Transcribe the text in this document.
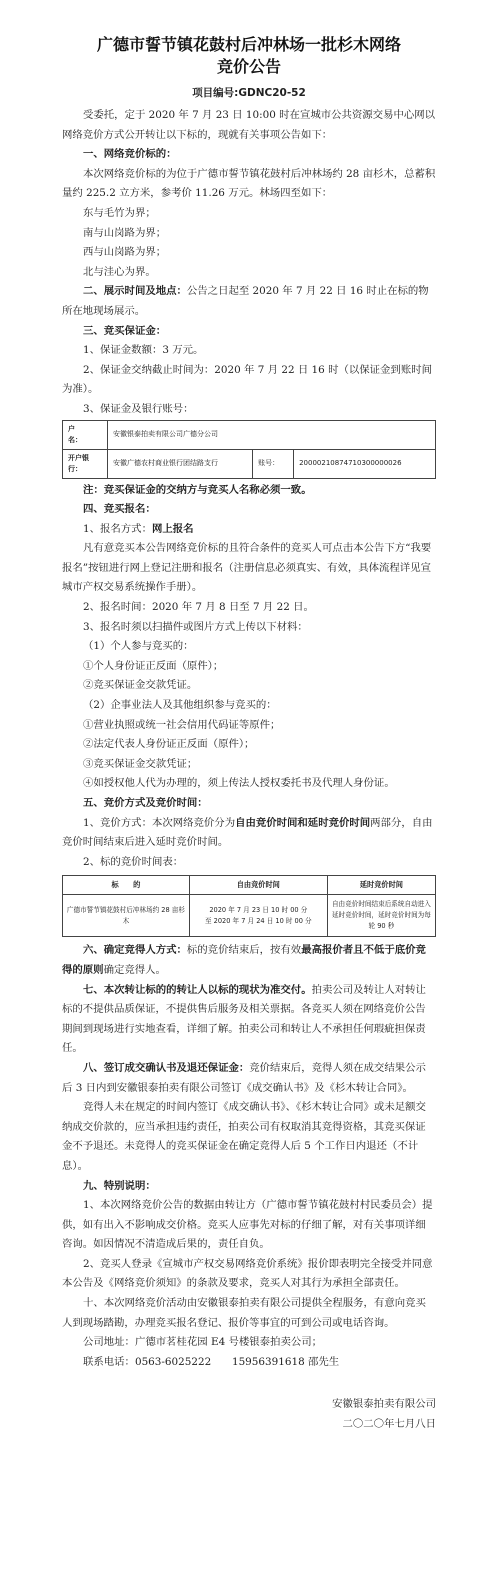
广德市誓节镇花鼓村后冲林场一批杉木网络
竞价公告

项目编号:GDNC20-52

受委托，定于 2020 年 7 月 23 日 10:00 时在宣城市公共资源交易中心网以网络竞价方式公开转让以下标的，现就有关事项公告如下：

一、网络竞价标的：

本次网络竞价标的为位于广德市誓节镇花鼓村后冲林场约 28 亩杉木，总蓄积量约 225.2 立方米，参考价 11.26 万元。林场四至如下：

东与毛竹为界；

南与山岗路为界；

西与山岗路为界；

北与洼心为界。

二、展示时间及地点：公告之日起至 2020 年 7 月 22 日 16 时止在标的物所在地现场展示。

三、竞买保证金：

1、保证金数额：3 万元。

2、保证金交纳截止时间为：2020 年 7 月 22 日 16 时（以保证金到账时间为准）。

3、保证金及银行账号：

户　　名：	安徽银泰拍卖有限公司广德分公司		
开户银行：	安徽广德农村商业银行团结路支行	账号：	20000210874710300000026

注：竞买保证金的交纳方与竞买人名称必须一致。

四、竞买报名：

1、报名方式：网上报名

凡有意竞买本公告网络竞价标的且符合条件的竞买人可点击本公告下方“我要报名”按钮进行网上登记注册和报名（注册信息必须真实、有效，具体流程详见宣城市产权交易系统操作手册）。

2、报名时间：2020 年 7 月 8 日至 7 月 22 日。

3、报名时须以扫描件或图片方式上传以下材料：

（1）个人参与竞买的：

①个人身份证正反面（原件）；

②竞买保证金交款凭证。

（2）企事业法人及其他组织参与竞买的：

①营业执照或统一社会信用代码证等原件；

②法定代表人身份证正反面（原件）；

③竞买保证金交款凭证；

④如授权他人代为办理的，须上传法人授权委托书及代理人身份证。

五、竞价方式及竞价时间：

1、竞价方式：本次网络竞价分为自由竞价时间和延时竞价时间两部分，自由竞价时间结束后进入延时竞价时间。

2、标的竞价时间表：

标　　的	自由竞价时间	延时竞价时间
广德市誓节镇花鼓村后冲林场约 28 亩杉木	2020 年 7 月 23 日 10 时 00 分
至 2020 年 7 月 24 日 10 时 00 分	自由竞价时间结束后系统自动进入延时竞价时间，延时竞价时间为每轮 90 秒

六、确定竞得人方式：标的竞价结束后，按有效最高报价者且不低于底价竞得的原则确定竞得人。

七、本次转让标的的转让人以标的现状为准交付。拍卖公司及转让人对转让标的不提供品质保证，不提供售后服务及相关票据。各竞买人须在网络竞价公告期间到现场进行实地查看，详细了解。拍卖公司和转让人不承担任何瑕疵担保责任。

八、签订成交确认书及退还保证金：竞价结束后，竞得人须在成交结果公示后 3 日内到安徽银泰拍卖有限公司签订《成交确认书》及《杉木转让合同》。

竞得人未在规定的时间内签订《成交确认书》、《杉木转让合同》或未足额交纳成交价款的，应当承担违约责任，拍卖公司有权取消其竞得资格，其竞买保证金不予退还。未竞得人的竞买保证金在确定竞得人后 5 个工作日内退还（不计息）。

九、特别说明：

1、本次网络竞价公告的数据由转让方（广德市誓节镇花鼓村村民委员会）提供，如有出入不影响成交价格。竞买人应事先对标的仔细了解，对有关事项详细咨询。如因情况不清造成后果的，责任自负。

2、竞买人登录《宣城市产权交易网络竞价系统》报价即表明完全接受并同意本公告及《网络竞价须知》的条款及要求，竞买人对其行为承担全部责任。

十、本次网络竞价活动由安徽银泰拍卖有限公司提供全程服务，有意向竞买人到现场踏勘，办理竞买报名登记、报价等事宜的可到公司或电话咨询。

公司地址：广德市茗桂花园 E4 号楼银泰拍卖公司；

联系电话：0563-6025222　　15956391618 邵先生

安徽银泰拍卖有限公司

二〇二〇年七月八日
